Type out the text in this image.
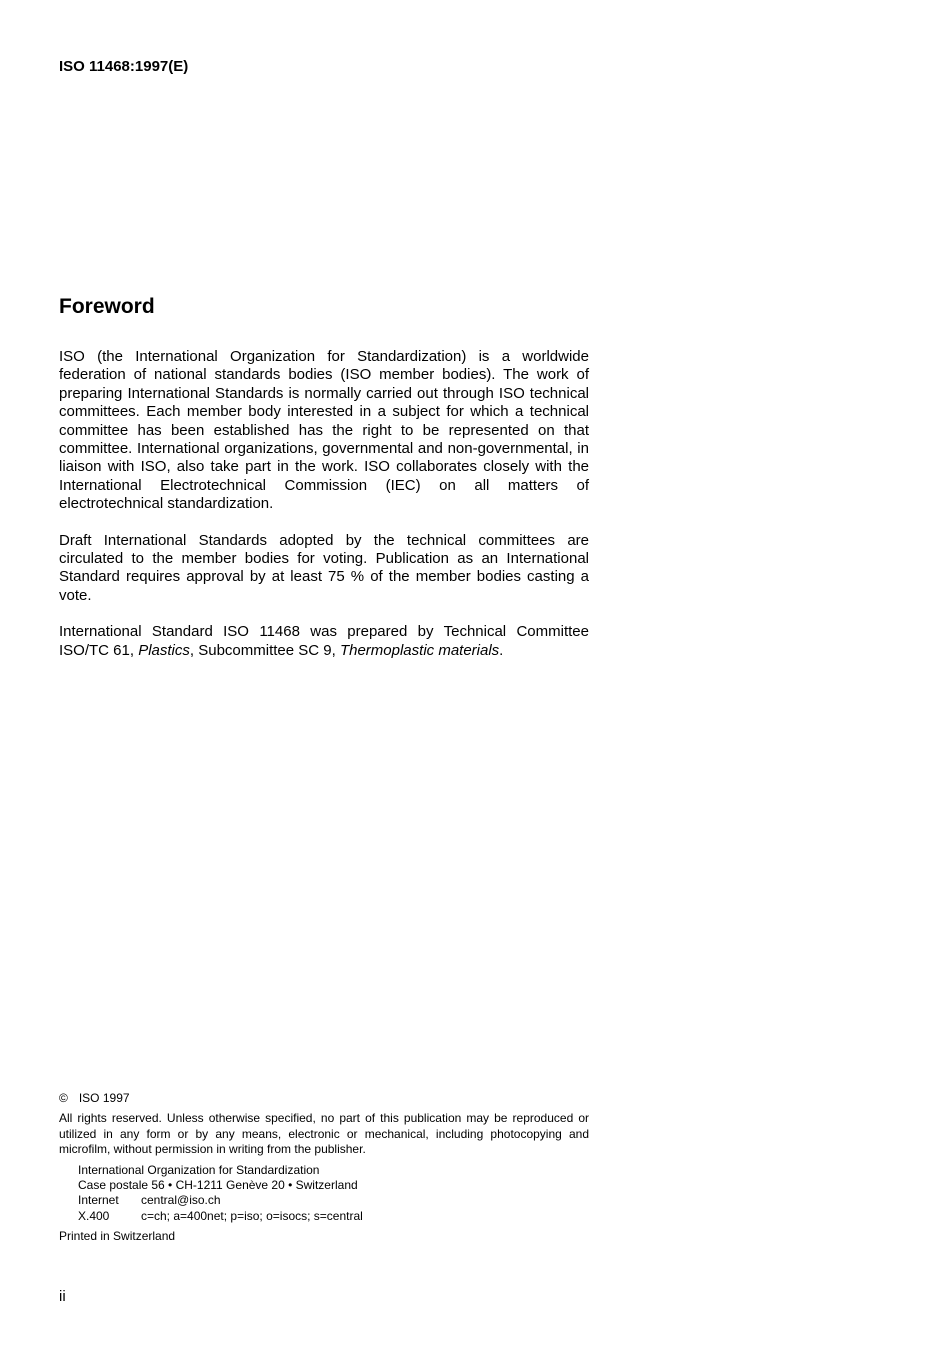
ISO 11468:1997(E)

Foreword

ISO (the International Organization for Standardization) is a worldwide federation of national standards bodies (ISO member bodies). The work of preparing International Standards is normally carried out through ISO technical committees. Each member body interested in a subject for which a technical committee has been established has the right to be represented on that committee. International organizations, governmental and non-governmental, in liaison with ISO, also take part in the work. ISO collaborates closely with the International Electrotechnical Commission (IEC) on all matters of electrotechnical standardization.

Draft International Standards adopted by the technical committees are circulated to the member bodies for voting. Publication as an International Standard requires approval by at least 75 % of the member bodies casting a vote.

International Standard ISO 11468 was prepared by Technical Committee ISO/TC 61, Plastics, Subcommittee SC 9, Thermoplastic materials.

© ISO 1997

All rights reserved. Unless otherwise specified, no part of this publication may be reproduced or utilized in any form or by any means, electronic or mechanical, including photocopying and microfilm, without permission in writing from the publisher.

International Organization for Standardization
Case postale 56 • CH-1211 Genève 20 • Switzerland
Internet central@iso.ch
X.400	c=ch; a=400net; p=iso; o=isocs; s=central

Printed in Switzerland

ii
